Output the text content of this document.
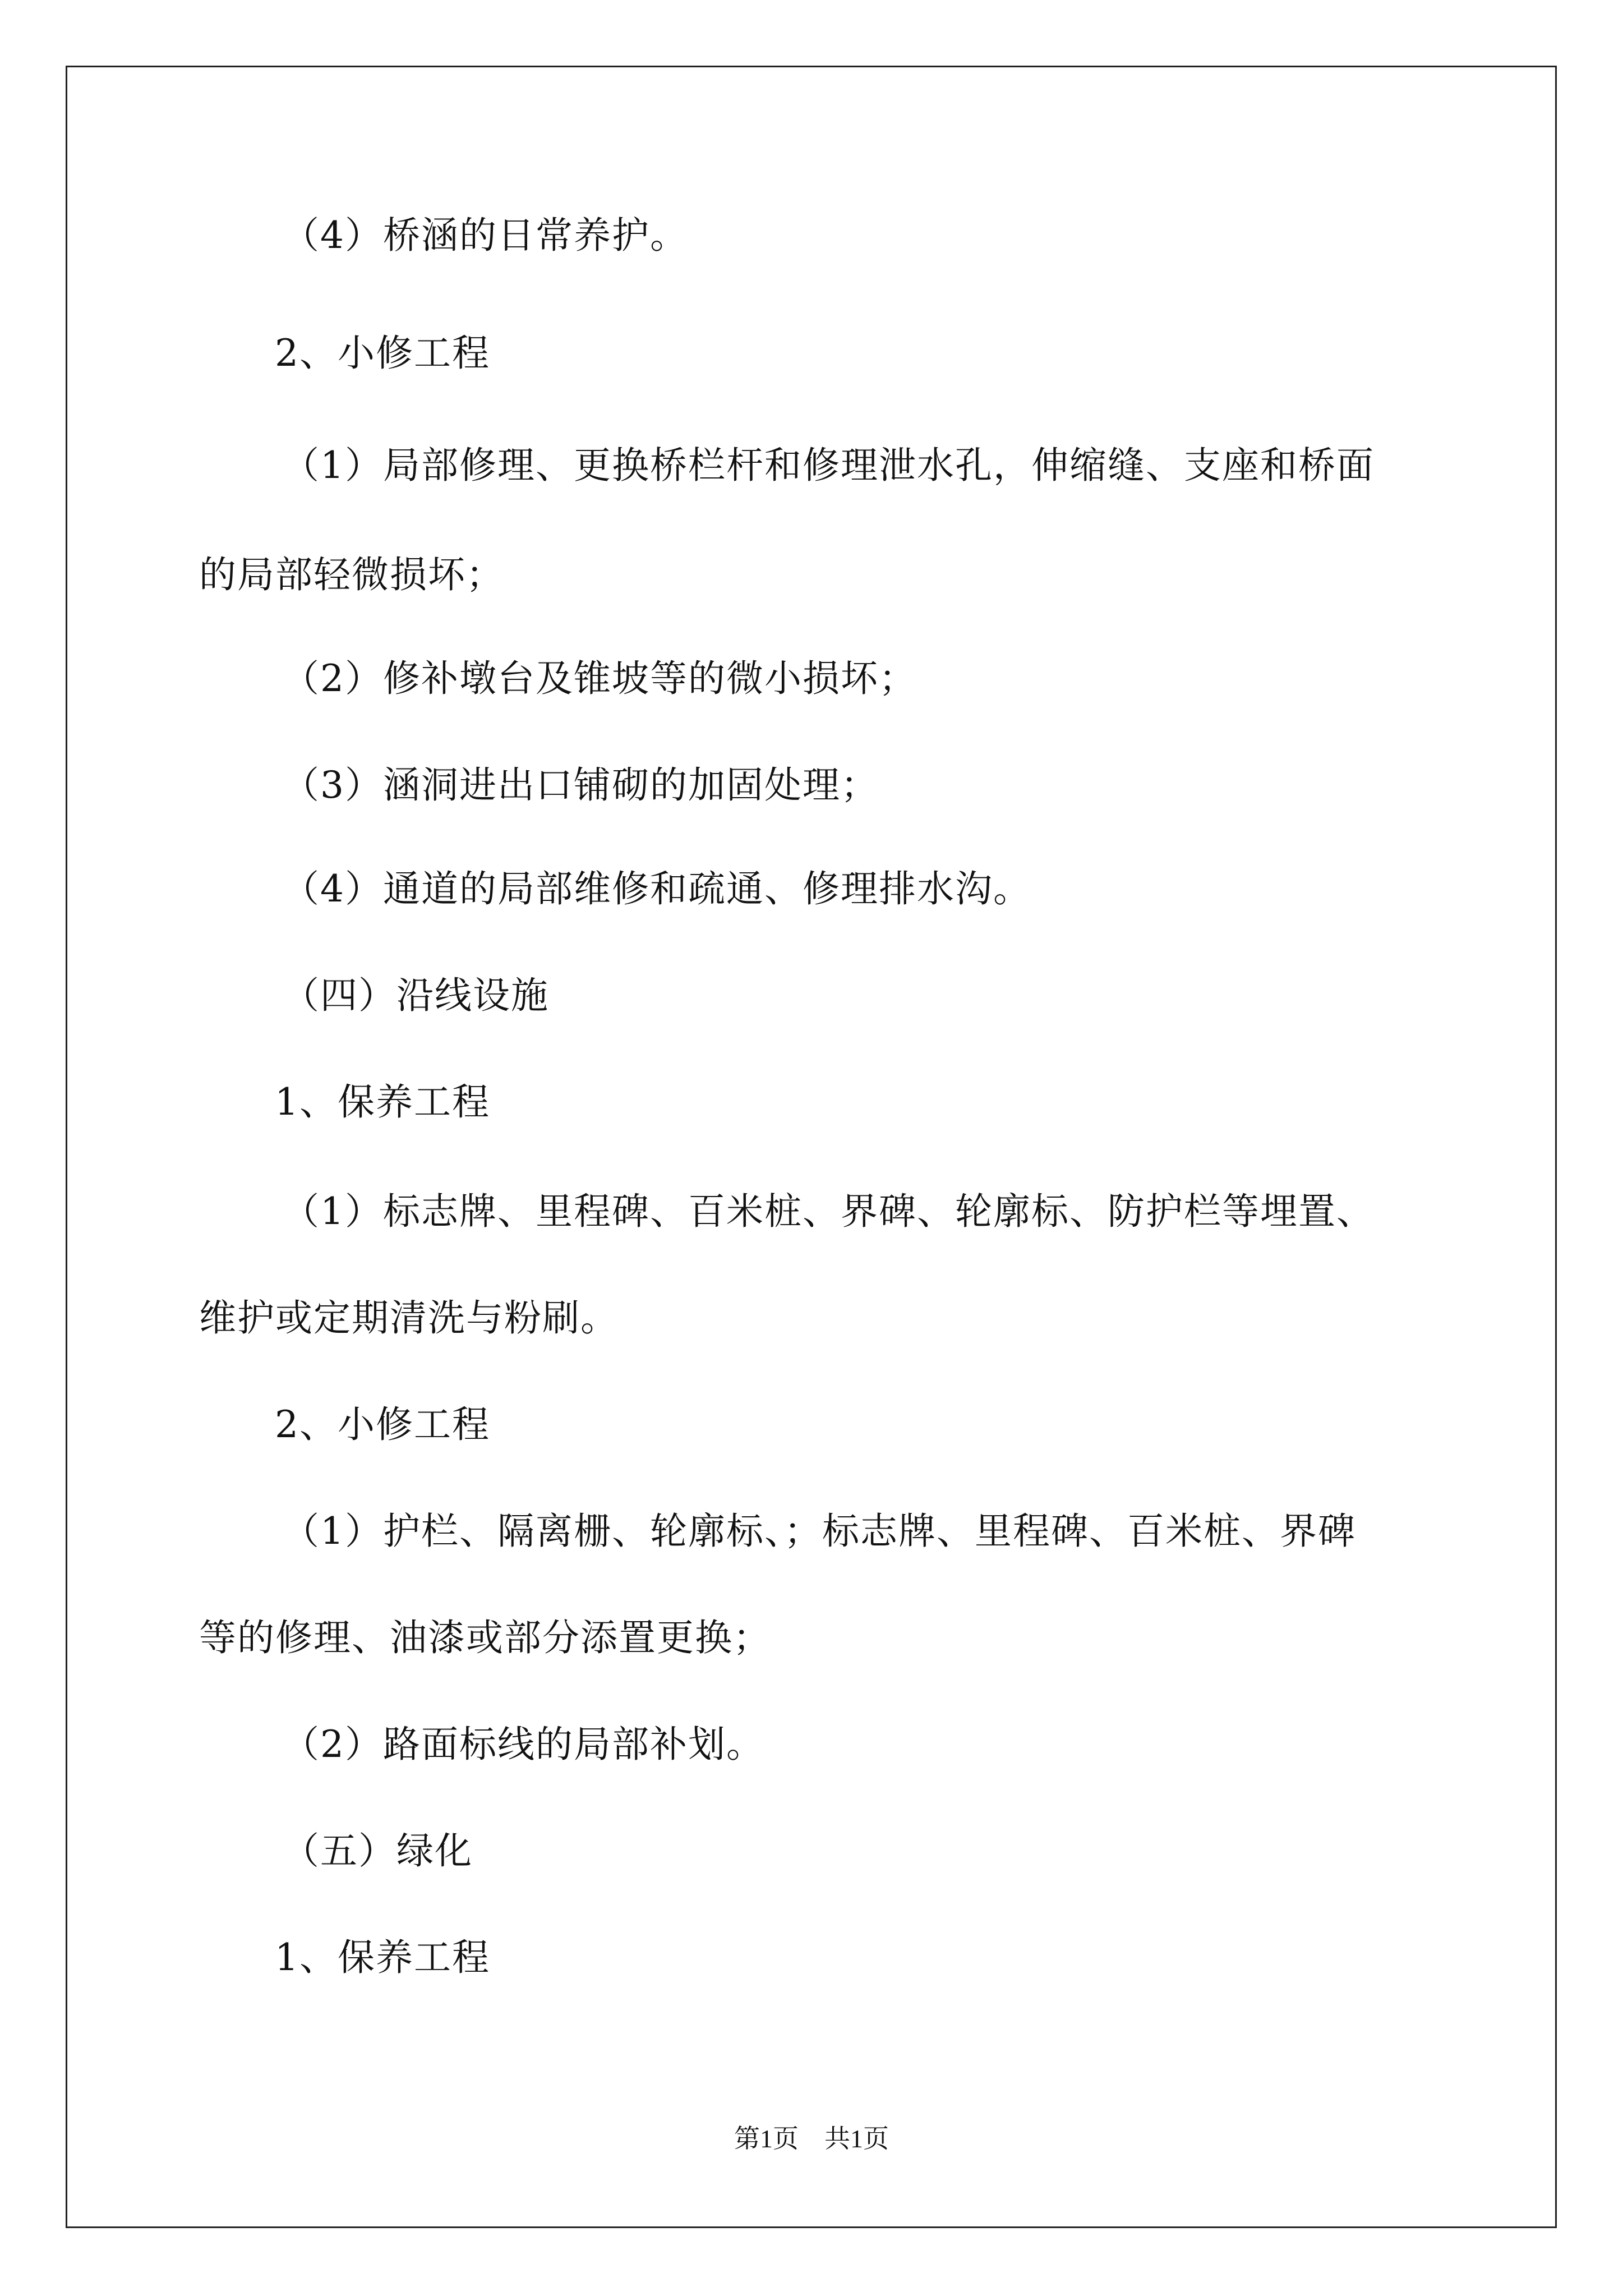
（4）桥涵的日常养护。
2、小修工程
（1）局部修理、更换桥栏杆和修理泄水孔，伸缩缝、支座和桥面
的局部轻微损坏；
（2）修补墩台及锥坡等的微小损坏；
（3）涵洞进出口铺砌的加固处理；
（4）通道的局部维修和疏通、修理排水沟。
（四）沿线设施
1、保养工程
（1）标志牌、里程碑、百米桩、界碑、轮廓标、防护栏等埋置、
维护或定期清洗与粉刷。
2、小修工程
（1）护栏、隔离栅、轮廓标、；标志牌、里程碑、百米桩、界碑
等的修理、油漆或部分添置更换；
（2）路面标线的局部补划。
（五）绿化
1、保养工程
第1页　共1页
